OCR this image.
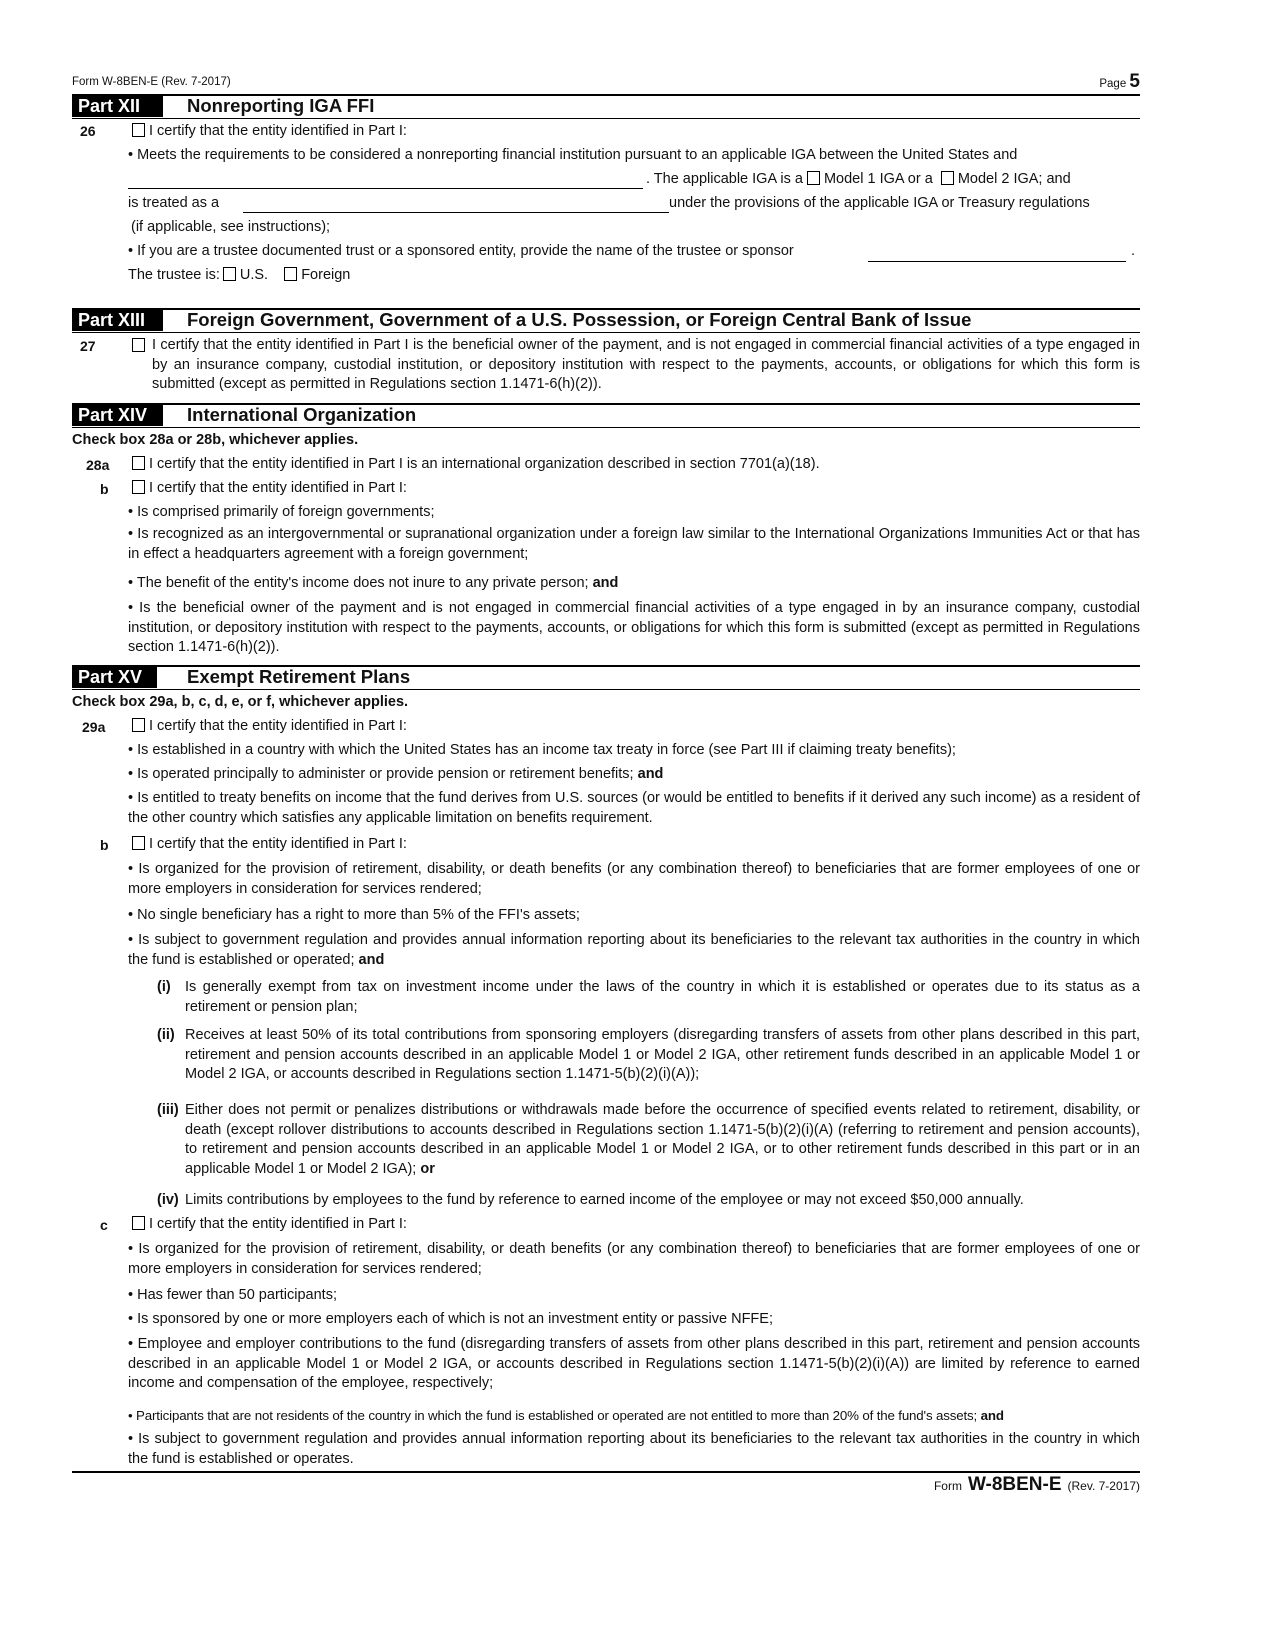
Form W-8BEN-E (Rev. 7-2017)	Page 5
Part XII	Nonreporting IGA FFI
26	I certify that the entity identified in Part I:
• Meets the requirements to be considered a nonreporting financial institution pursuant to an applicable IGA between the United States and
. The applicable IGA is a Model 1 IGA or a Model 2 IGA; and
is treated as a	under the provisions of the applicable IGA or Treasury regulations
(if applicable, see instructions);
• If you are a trustee documented trust or a sponsored entity, provide the name of the trustee or sponsor	.
The trustee is: U.S. Foreign
Part XIII	Foreign Government, Government of a U.S. Possession, or Foreign Central Bank of Issue
27	I certify that the entity identified in Part I is the beneficial owner of the payment, and is not engaged in commercial financial activities of a type engaged in by an insurance company, custodial institution, or depository institution with respect to the payments, accounts, or obligations for which this form is submitted (except as permitted in Regulations section 1.1471-6(h)(2)).
Part XIV	International Organization
Check box 28a or 28b, whichever applies.
28a	I certify that the entity identified in Part I is an international organization described in section 7701(a)(18).
b	I certify that the entity identified in Part I:
• Is comprised primarily of foreign governments;
• Is recognized as an intergovernmental or supranational organization under a foreign law similar to the International Organizations Immunities Act or that has in effect a headquarters agreement with a foreign government;
• The benefit of the entity's income does not inure to any private person; and
• Is the beneficial owner of the payment and is not engaged in commercial financial activities of a type engaged in by an insurance company, custodial institution, or depository institution with respect to the payments, accounts, or obligations for which this form is submitted (except as permitted in Regulations section 1.1471-6(h)(2)).
Part XV	Exempt Retirement Plans
Check box 29a, b, c, d, e, or f, whichever applies.
29a	I certify that the entity identified in Part I:
• Is established in a country with which the United States has an income tax treaty in force (see Part III if claiming treaty benefits);
• Is operated principally to administer or provide pension or retirement benefits; and
• Is entitled to treaty benefits on income that the fund derives from U.S. sources (or would be entitled to benefits if it derived any such income) as a resident of the other country which satisfies any applicable limitation on benefits requirement.
b	I certify that the entity identified in Part I:
• Is organized for the provision of retirement, disability, or death benefits (or any combination thereof) to beneficiaries that are former employees of one or more employers in consideration for services rendered;
• No single beneficiary has a right to more than 5% of the FFI's assets;
• Is subject to government regulation and provides annual information reporting about its beneficiaries to the relevant tax authorities in the country in which the fund is established or operated; and
(i) Is generally exempt from tax on investment income under the laws of the country in which it is established or operates due to its status as a retirement or pension plan;
(ii) Receives at least 50% of its total contributions from sponsoring employers (disregarding transfers of assets from other plans described in this part, retirement and pension accounts described in an applicable Model 1 or Model 2 IGA, other retirement funds described in an applicable Model 1 or Model 2 IGA, or accounts described in Regulations section 1.1471-5(b)(2)(i)(A));
(iii) Either does not permit or penalizes distributions or withdrawals made before the occurrence of specified events related to retirement, disability, or death (except rollover distributions to accounts described in Regulations section 1.1471-5(b)(2)(i)(A) (referring to retirement and pension accounts), to retirement and pension accounts described in an applicable Model 1 or Model 2 IGA, or to other retirement funds described in this part or in an applicable Model 1 or Model 2 IGA); or
(iv) Limits contributions by employees to the fund by reference to earned income of the employee or may not exceed $50,000 annually.
c	I certify that the entity identified in Part I:
• Is organized for the provision of retirement, disability, or death benefits (or any combination thereof) to beneficiaries that are former employees of one or more employers in consideration for services rendered;
• Has fewer than 50 participants;
• Is sponsored by one or more employers each of which is not an investment entity or passive NFFE;
• Employee and employer contributions to the fund (disregarding transfers of assets from other plans described in this part, retirement and pension accounts described in an applicable Model 1 or Model 2 IGA, or accounts described in Regulations section 1.1471-5(b)(2)(i)(A)) are limited by reference to earned income and compensation of the employee, respectively;
• Participants that are not residents of the country in which the fund is established or operated are not entitled to more than 20% of the fund's assets; and
• Is subject to government regulation and provides annual information reporting about its beneficiaries to the relevant tax authorities in the country in which the fund is established or operates.
Form W-8BEN-E (Rev. 7-2017)
